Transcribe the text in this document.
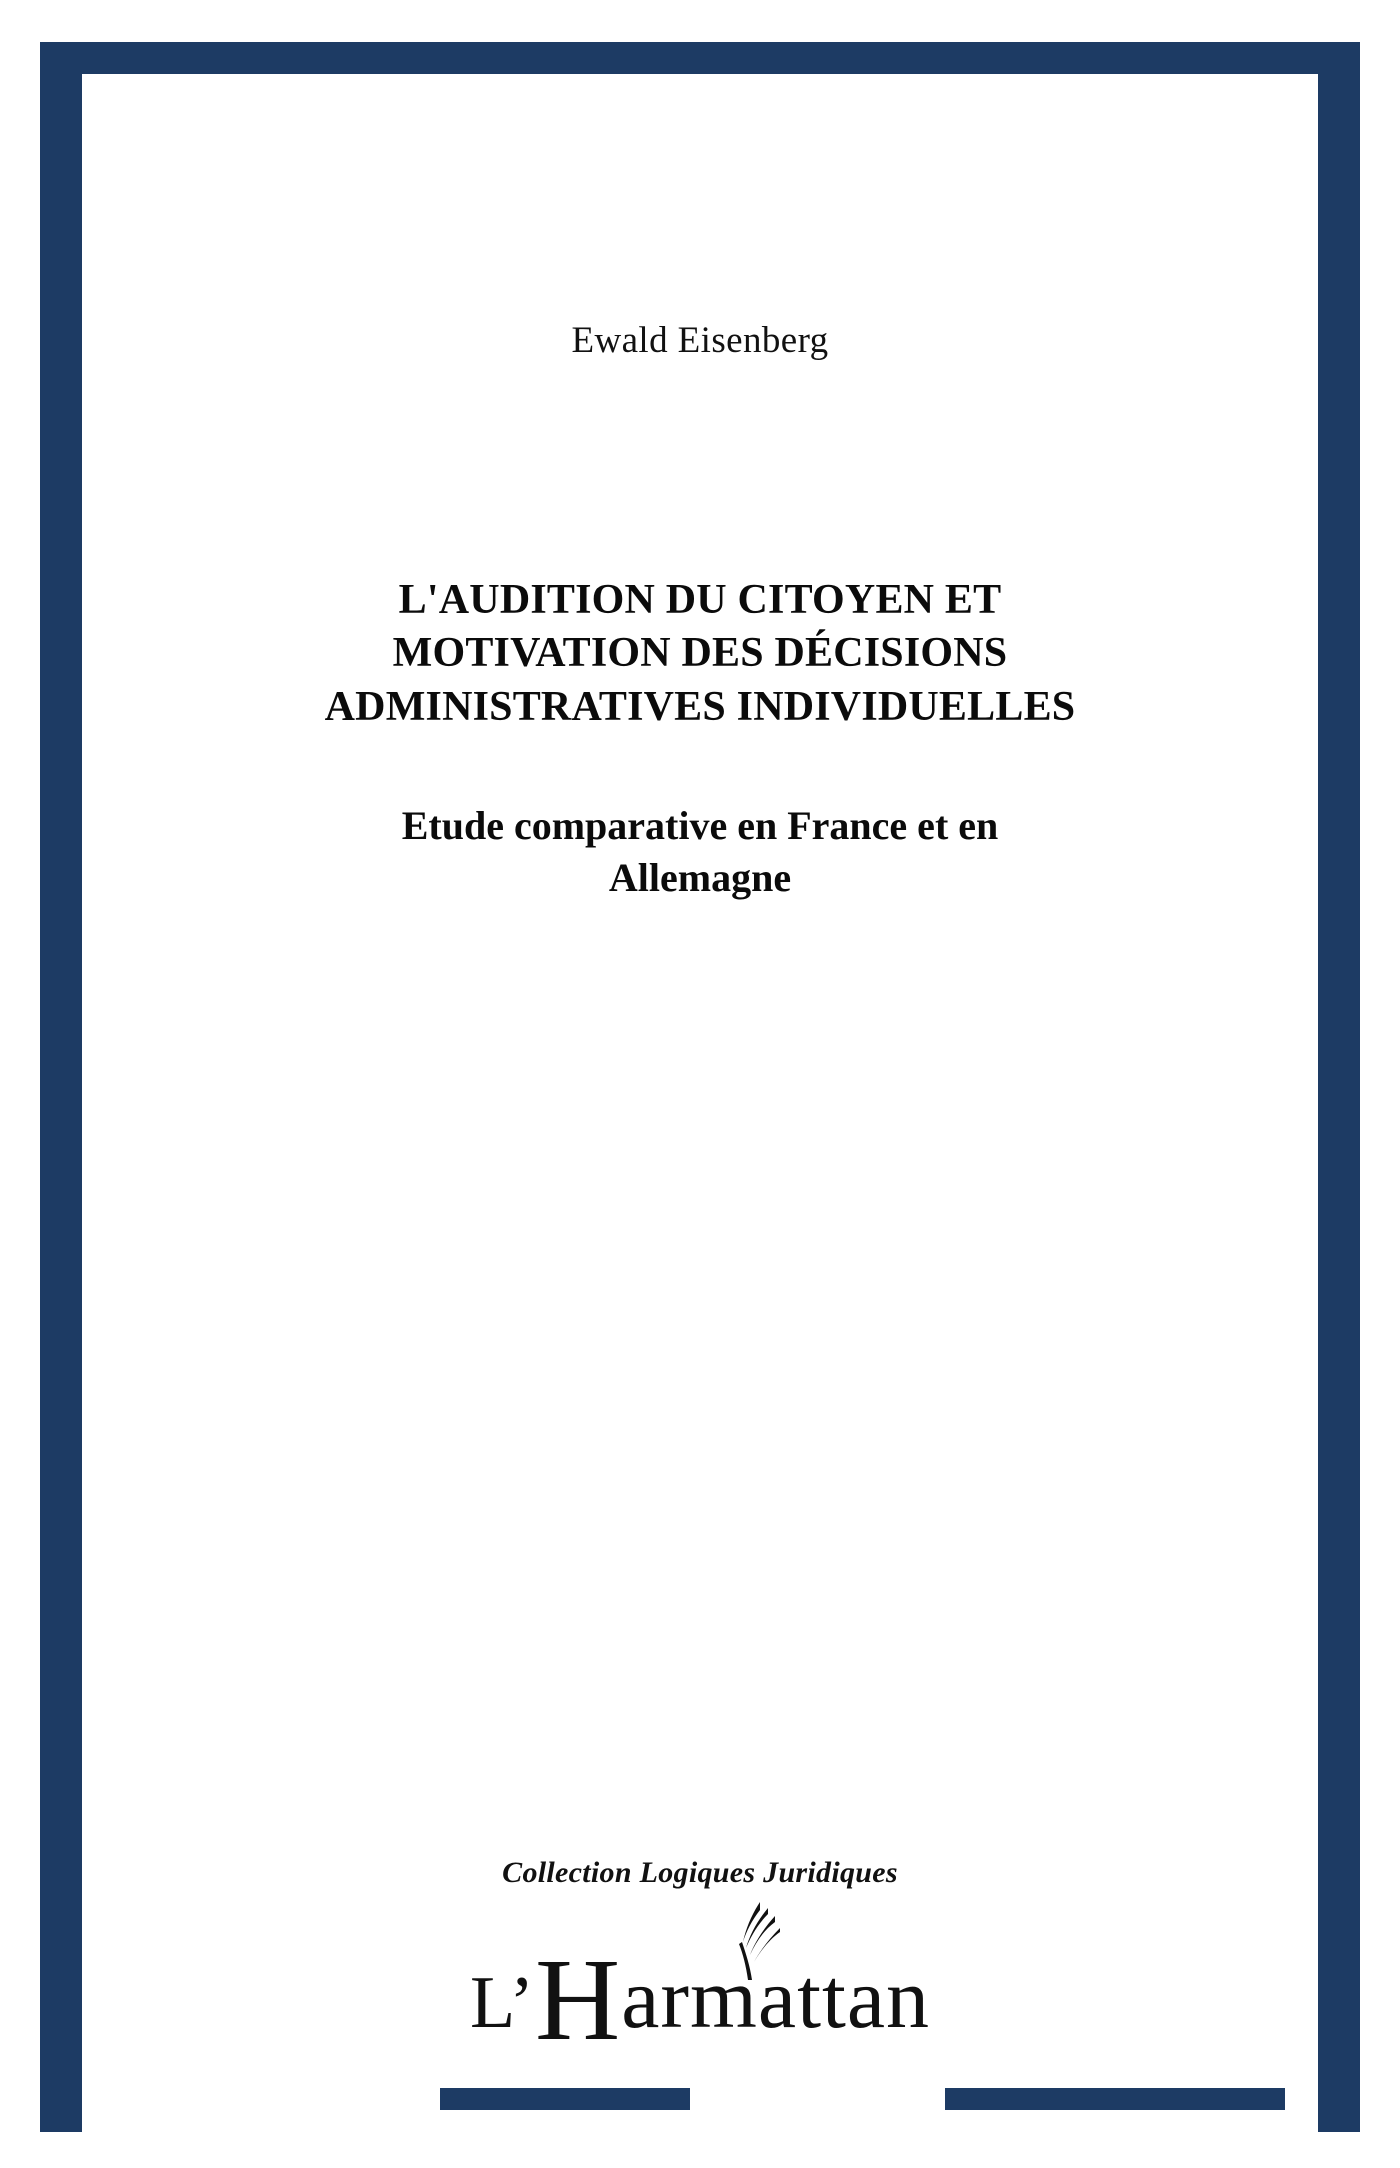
Ewald Eisenberg
L'AUDITION DU CITOYEN ET
MOTIVATION DES DÉCISIONS
ADMINISTRATIVES INDIVIDUELLES
Etude comparative en France et en
Allemagne
Collection Logiques Juridiques
L’Harmattan
